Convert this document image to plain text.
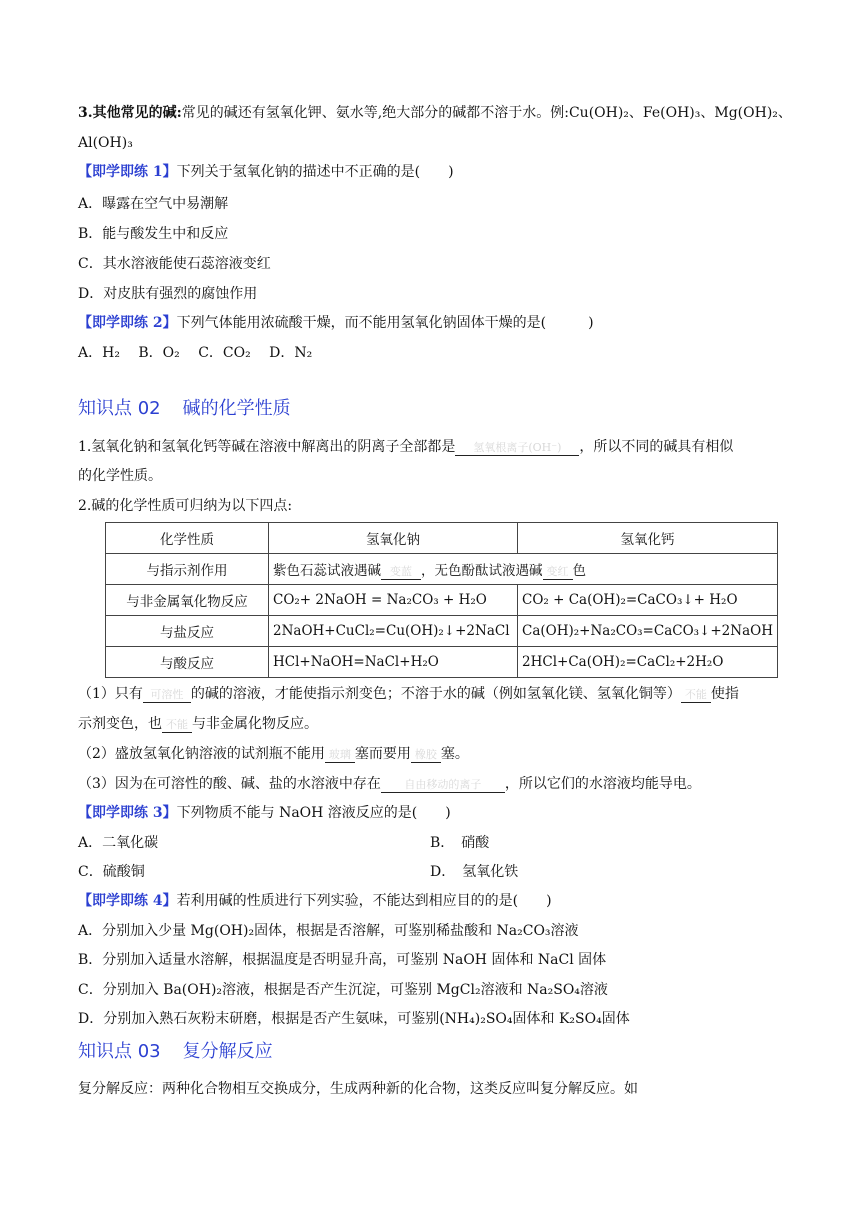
3.其他常见的碱:常见的碱还有氢氧化钾、氨水等,绝大部分的碱都不溶于水。例:Cu(OH)₂、Fe(OH)₃、Mg(OH)₂、
Al(OH)₃
【即学即练 1】下列关于氢氧化钠的描述中不正确的是(　　)
A．曝露在空气中易潮解
B．能与酸发生中和反应
C．其水溶液能使石蕊溶液变红
D．对皮肤有强烈的腐蚀作用
【即学即练 2】下列气体能用浓硫酸干燥，而不能用氢氧化钠固体干燥的是(　　　)
A．H₂　 B．O₂　 C．CO₂　 D．N₂
知识点 02 碱的化学性质
1.氢氧化钠和氢氧化钙等碱在溶液中解离出的阴离子全部都是 氢氧根离子(OH⁻) ，所以不同的碱具有相似
的化学性质。
2.碱的化学性质可归纳为以下四点:
化学性质	氢氧化钠	氢氧化钙
与指示剂作用	紫色石蕊试液遇碱 变蓝 ，无色酚酞试液遇碱 变红 色	
与非金属氧化物反应	CO₂+ 2NaOH = Na₂CO₃ + H₂O	CO₂ + Ca(OH)₂=CaCO₃↓+ H₂O
与盐反应	2NaOH+CuCl₂=Cu(OH)₂↓+2NaCl	Ca(OH)₂+Na₂CO₃=CaCO₃↓+2NaOH
与酸反应	HCl+NaOH=NaCl+H₂O	2HCl+Ca(OH)₂=CaCl₂+2H₂O
（1）只有 可溶性 的碱的溶液，才能使指示剂变色；不溶于水的碱（例如氢氧化镁、氢氧化铜等） 不能 使指
示剂变色，也 不能 与非金属化物反应。
（2）盛放氢氧化钠溶液的试剂瓶不能用 玻璃 塞而要用 橡胶 塞。
（3）因为在可溶性的酸、碱、盐的水溶液中存在 自由移动的离子 ，所以它们的水溶液均能导电。
【即学即练 3】下列物质不能与 NaOH 溶液反应的是(　　)
A．二氧化碳	B．　硝酸
C．硫酸铜	D．　氢氧化铁
【即学即练 4】若利用碱的性质进行下列实验，不能达到相应目的的是(　　)
A．分别加入少量 Mg(OH)₂固体，根据是否溶解，可鉴别稀盐酸和 Na₂CO₃溶液
B．分别加入适量水溶解，根据温度是否明显升高，可鉴别 NaOH 固体和 NaCl 固体
C．分别加入 Ba(OH)₂溶液，根据是否产生沉淀，可鉴别 MgCl₂溶液和 Na₂SO₄溶液
D．分别加入熟石灰粉末研磨，根据是否产生氨味，可鉴别(NH₄)₂SO₄固体和 K₂SO₄固体
知识点 03 复分解反应
复分解反应：两种化合物相互交换成分，生成两种新的化合物，这类反应叫复分解反应。如
